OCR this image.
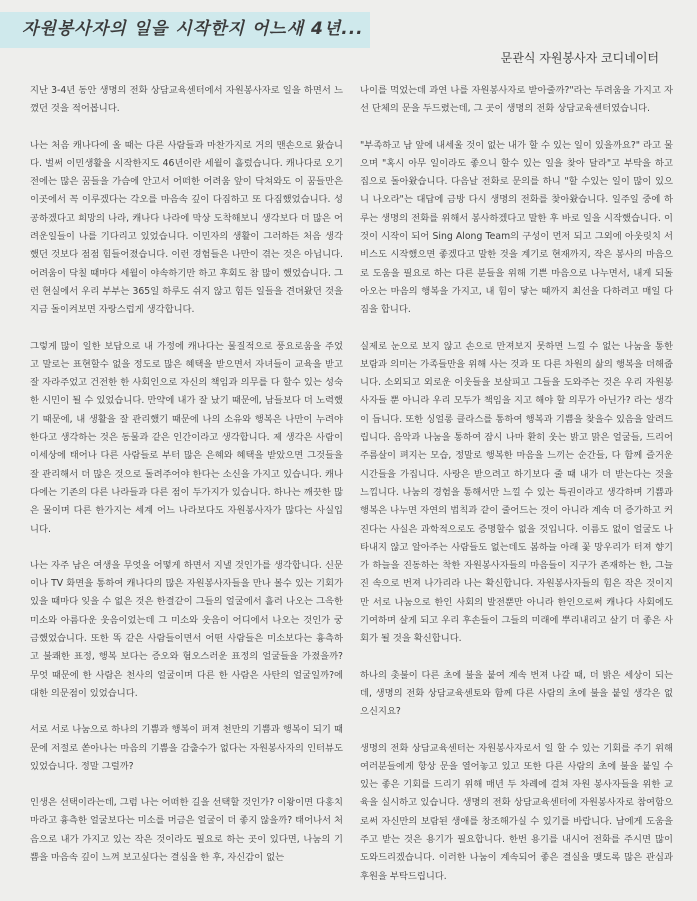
자원봉사자의 일을 시작한지 어느새 4년...
문관식 자원봉사자 코디네이터

지난 3-4년 동안 생명의 전화 상담교육센터에서 자원봉사자로 일을 하면서 느꼈던 것을 적어봅니다.

나는 처음 캐나다에 올 때는 다른 사람들과 마찬가지로 거의 맨손으로 왔습니다. 벌써 이민생활을 시작한지도 46년이란 세월이 흘렀습니다. 캐나다로 오기 전에는 많은 꿈들을 가슴에 안고서 어떠한 어려움 앞이 닥쳐와도 이 꿈들만은 이곳에서 꼭 이루겠다는 각오를 마음속 깊이 다짐하고 또 다짐했었습니다. 성공하겠다고 희망의 나라, 캐나다 나라에 막상 도착해보니 생각보다 더 많은 어려운일들이 나를 기다리고 있었습니다. 이민자의 생활이 그러하든 처음 생각했던 것보다 점점 힘들어졌습니다. 이런 경험들은 나만이 겪는 것은 아닙니다. 어려움이 닥칠 때마다 세월이 야속하기만 하고 후회도 참 많이 했었습니다. 그런 현실에서 우리 부부는 365일 하루도 쉬지 않고 힘든 일들을 견뎌왔던 것을 지금 돌이켜보면 자랑스럽게 생각합니다.

그렇게 많이 일한 보답으로 내 가정에 캐나다는 물질적으로 풍요로움을 주었고 말로는 표현할수 없을 정도로 많은 혜택을 받으면서 자녀들이 교육을 받고 잘 자라주었고 건전한 한 사회인으로 자신의 책임과 의무를 다 할수 있는 성숙한 시민이 될 수 있었습니다. 만약에 내가 잘 났기 때문에, 남들보다 더 노력했기 때문에, 내 생활을 잘 관리했기 때문에 나의 소유와 행복은 나만이 누려야 한다고 생각하는 것은 동물과 같은 인간이라고 생각합니다. 제 생각은 사람이 이세상에 태어나 다른 사람들로 부터 많은 은혜와 혜택을 받았으면 그것들을 잘 관리해서 더 많은 것으로 돌려주어야 한다는 소신을 가지고 있습니다. 캐나다에는 기존의 다른 나라들과 다른 점이 두가지가 있습니다. 하나는 깨끗한 많은 물이며 다른 한가지는 세계 어느 나라보다도 자원봉사자가 많다는 사실입니다.

나는 자주 남은 여생을 무엇을 어떻게 하면서 지낼 것인가를 생각합니다. 신문이나 TV 화면을 통하여 캐나다의 많은 자원봉사자들을 만나 볼수 있는 기회가 있을 때마다 잊을 수 없은 것은 한결같이 그들의 얼굴에서 흘러 나오는 그윽한 미소와 아름다운 웃음이었는데 그 미소와 웃음이 어디에서 나오는 것인가 궁금했었습니다. 또한 똑 같은 사람들이면서 어떤 사람들은 미소보다는 흉측하고 불쾌한 표정, 행복 보다는 증오와 혐오스러운 표정의 얼굴들을 가졌을까? 무엇 때문에 한 사람은 천사의 얼굴이며 다른 한 사람은 사탄의 얼굴일까?에 대한 의문점이 있었습니다.

서로 서로 나눔으로 하나의 기쁨과 행복이 퍼져 천만의 기쁨과 행복이 되기 때문에 저절로 쏟아나는 마음의 기쁨을 감출수가 없다는 자원봉사자의 인터뷰도 있었습니다. 정말 그럴까?

인생은 선택이라는데, 그럼 나는 어떠한 길을 선택할 것인가? 이왕이면 다홍치마라고 흉측한 얼굴보다는 미소를 머금은 얼굴이 더 좋지 않을까? 태어나서 처음으로 내가 가지고 있는 작은 것이라도 필요로 하는 곳이 있다면, 나눔의 기쁨을 마음속 깊이 느껴 보고싶다는 결심을 한 후, 자신감이 없는

나이를 먹었는데 과연 나를 자원봉사자로 받아줄까?"라는 두려움을 가지고 자선 단체의 문을 두드렸는데, 그 곳이 생명의 전화 상담교육센터였습니다.

"부족하고 남 앞에 내세울 것이 없는 내가 할 수 있는 일이 있을까요?" 라고 물으며 "혹시 아무 일이라도 좋으니 할수 있는 일을 찾아 달라"고 부탁을 하고 집으로 돌아왔습니다. 다음날 전화로 문의를 하니 "할 수있는 일이 많이 있으니 나오라"는 대답에 금방 다시 생명의 전화를 찾아왔습니다. 일주일 중에 하루는 생명의 전화를 위해서 봉사하겠다고 말한 후 바로 일을 시작했습니다. 이것이 시작이 되어 Sing Along Team의 구성이 먼저 되고 그외에 아웃릿치 서비스도 시작했으면 좋겠다고 말한 것을 계기로 현재까지, 작은 봉사의 마음으로 도움을 필요로 하는 다른 분들을 위해 기쁜 마음으로 나누면서, 내게 되돌아오는 마음의 행복을 가지고, 내 힘이 닿는 때까지 최선을 다하려고 매일 다짐을 합니다.

실제로 눈으로 보지 않고 손으로 만져보지 못하면 느낄 수 없는 나눔을 통한 보람과 의미는 가족들만을 위해 사는 것과 또 다른 차원의 삶의 행복을 더해줍니다. 소외되고 외로운 이웃들을 보살피고 그들을 도와주는 것은 우리 자원봉사자들 뿐 아니라 우리 모두가 책임을 지고 해야 할 의무가 아닌가? 라는 생각이 듭니다. 또한 싱얼롱 클라스를 통하여 행복과 기쁨을 찾을수 있음을 알려드립니다. 음악과 나눔을 통하여 잠시 나마 환히 웃는 밝고 맑은 얼굴들, 드리어 주름살이 펴지는 모습, 정말로 행복한 마음을 느끼는 순간들, 다 함께 즐거운 시간들을 가집니다. 사랑은 받으려고 하기보다 줄 때 내가 더 받는다는 것을 느낍니다. 나눔의 경험을 통해서만 느낄 수 있는 특권이라고 생각하며 기쁨과 행복은 나누면 자연의 법칙과 같이 줄어드는 것이 아니라 계속 더 증가하고 커진다는 사실은 과학적으로도 증명할수 없을 것입니다. 이름도 없이 얼굴도 나타내지 않고 알아주는 사람들도 없는데도 봄하늘 아래 꽃 망우리가 터져 향기가 하늘을 진동하는 착한 자원봉사자들의 마음들이 지구가 존재하는 한, 그늘진 속으로 번져 나가리라 나는 확신합니다. 자원봉사자들의 힘은 작은 것이지만 서로 나눔으로 한인 사회의 발전뿐만 아니라 한인으로써 캐나다 사회에도 기여하며 살게 되고 우리 후손들이 그들의 미래에 뿌리내리고 살기 더 좋은 사회가 될 것을 확신합니다.

하나의 촛불이 다른 초에 불을 붙여 계속 번져 나갈 때, 더 밝은 세상이 되는데, 생명의 전화 상담교육센토와 함께 다른 사람의 초에 불을 붙일 생각은 없으신지요?

생명의 전화 상담교육센터는 자원봉사자로서 일 할 수 있는 기회를 주기 위해 여러분들에게 항상 문을 열어놓고 있고 또한 다른 사람의 초에 불을 붙일 수 있는 좋은 기회를 드리기 위해 매년 두 차례에 걸쳐 자원 봉사자들을 위한 교육을 실시하고 있습니다. 생명의 전화 상담교육센터에 자원봉사자로 참여함으로써 자신만의 보람된 생애를 창조해가실 수 있기를 바랍니다. 남에게 도움을 주고 받는 것은 용기가 필요합니다. 한번 용기를 내시어 전화를 주시면 많이 도와드리겠습니다. 이러한 나눔이 계속되어 좋은 결실을 맺도록 많은 관심과 후원을 부탁드립니다.
